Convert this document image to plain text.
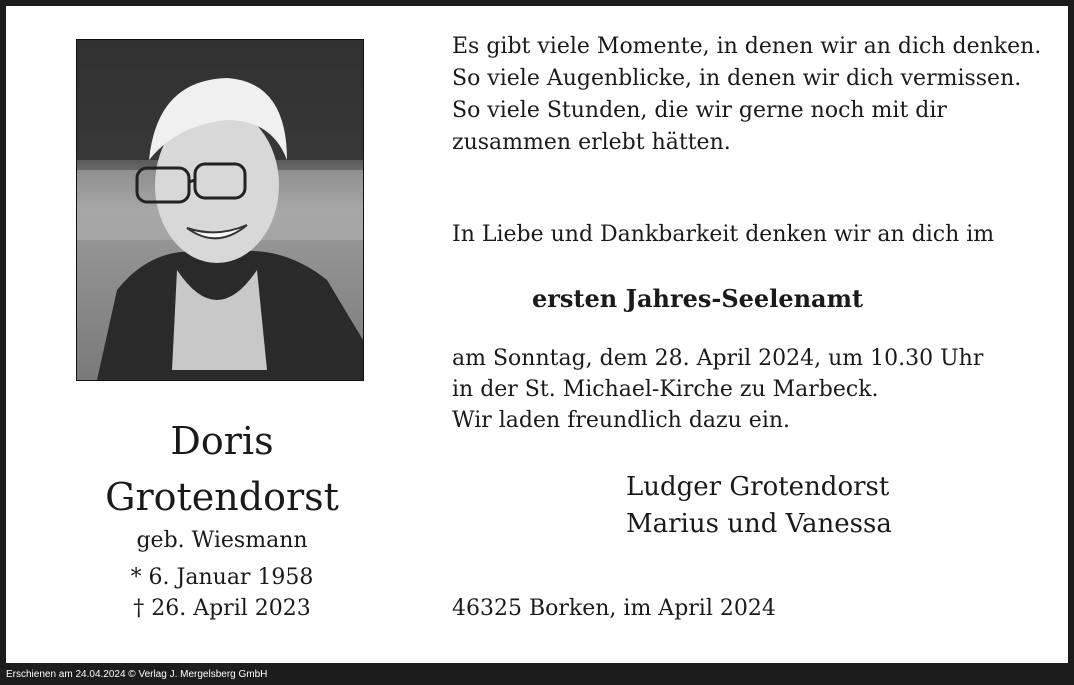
Doris
Grotendorst
geb. Wiesmann
* 6. Januar 1958
† 26. April 2023
Es gibt viele Momente, in denen wir an dich denken.
So viele Augenblicke, in denen wir dich vermissen.
So viele Stunden, die wir gerne noch mit dir
zusammen erlebt hätten.
In Liebe und Dankbarkeit denken wir an dich im
ersten Jahres-Seelenamt
am Sonntag, dem 28. April 2024, um 10.30 Uhr
in der St. Michael-Kirche zu Marbeck.
Wir laden freundlich dazu ein.
Ludger Grotendorst
Marius und Vanessa
46325 Borken, im April 2024
Erschienen am 24.04.2024 © Verlag J. Mergelsberg GmbH
